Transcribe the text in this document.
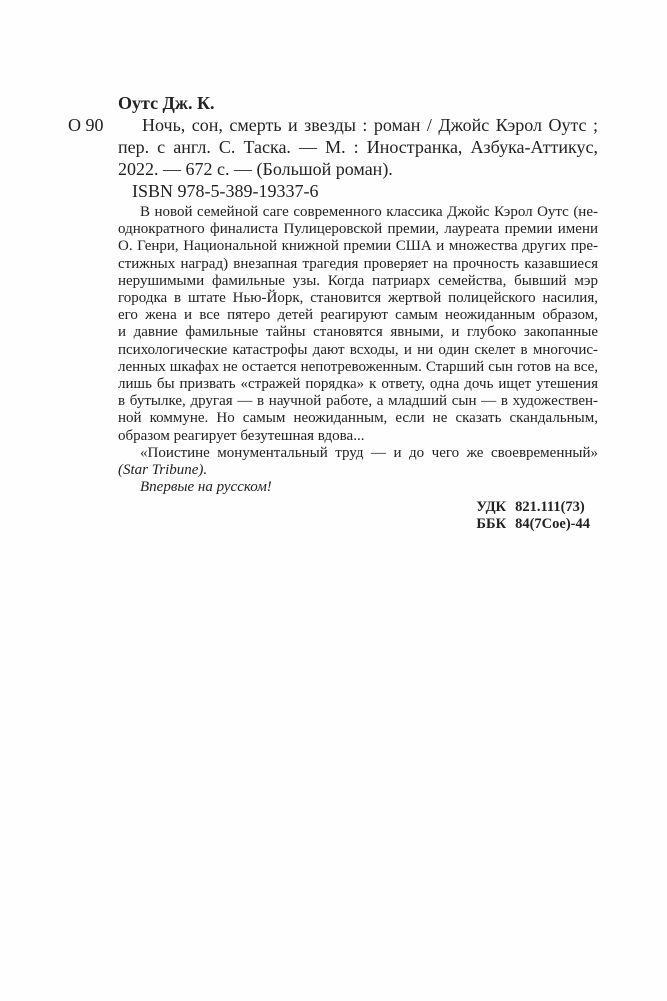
Оутс Дж. К.
О 90	Ночь, сон, смерть и звезды : роман / Джойс Кэрол Оутс ;
пер. с англ. С. Таска. — М. : Иностранка, Азбука-Аттикус,
2022. — 672 с. — (Большой роман).
ISBN 978-5-389-19337-6
В новой семейной саге современного классика Джойс Кэрол Оутс (не-
однократного финалиста Пулицеровской премии, лауреата премии имени
О. Генри, Национальной книжной премии США и множества других пре-
стижных наград) внезапная трагедия проверяет на прочность казавшиеся
нерушимыми фамильные узы. Когда патриарх семейства, бывший мэр
городка в штате Нью-Йорк, становится жертвой полицейского насилия,
его жена и все пятеро детей реагируют самым неожиданным образом,
и давние фамильные тайны становятся явными, и глубоко закопанные
психологические катастрофы дают всходы, и ни один скелет в многочис-
ленных шкафах не остается непотревоженным. Старший сын готов на все,
лишь бы призвать «стражей порядка» к ответу, одна дочь ищет утешения
в бутылке, другая — в научной работе, а младший сын — в художествен-
ной коммуне. Но самым неожиданным, если не сказать скандальным,
образом реагирует безутешная вдова...
«Поистине монументальный труд — и до чего же своевременный»
(Star Tribune).
Впервые на русском!
УДК 821.111(73)
ББК 84(7Сое)-44
